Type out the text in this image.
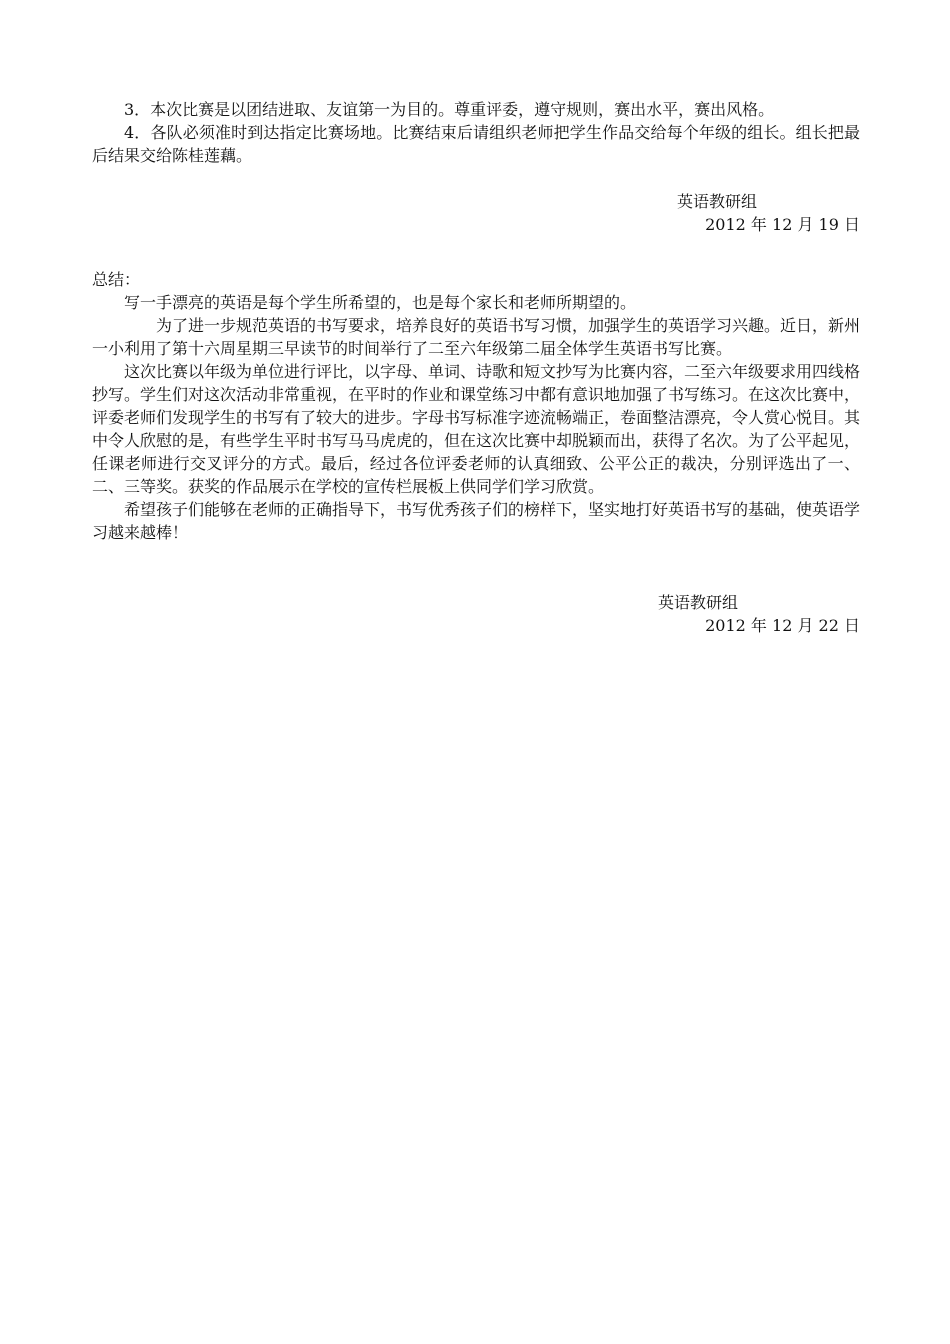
3．本次比赛是以团结进取、友谊第一为目的。尊重评委，遵守规则，赛出水平，赛出风格。

4．各队必须准时到达指定比赛场地。比赛结束后请组织老师把学生作品交给每个年级的组长。组长把最后结果交给陈桂莲藕。

英语教研组

2012 年 12 月 19 日

总结：

写一手漂亮的英语是每个学生所希望的，也是每个家长和老师所期望的。

为了进一步规范英语的书写要求，培养良好的英语书写习惯，加强学生的英语学习兴趣。近日，新州一小利用了第十六周星期三早读节的时间举行了二至六年级第二届全体学生英语书写比赛。

这次比赛以年级为单位进行评比，以字母、单词、诗歌和短文抄写为比赛内容，二至六年级要求用四线格抄写。学生们对这次活动非常重视，在平时的作业和课堂练习中都有意识地加强了书写练习。在这次比赛中，评委老师们发现学生的书写有了较大的进步。字母书写标准字迹流畅端正，卷面整洁漂亮，令人赏心悦目。其中令人欣慰的是，有些学生平时书写马马虎虎的，但在这次比赛中却脱颖而出，获得了名次。为了公平起见，任课老师进行交叉评分的方式。最后，经过各位评委老师的认真细致、公平公正的裁决，分别评选出了一、二、三等奖。获奖的作品展示在学校的宣传栏展板上供同学们学习欣赏。

希望孩子们能够在老师的正确指导下，书写优秀孩子们的榜样下，坚实地打好英语书写的基础，使英语学习越来越棒！

英语教研组

2012 年 12 月 22 日
